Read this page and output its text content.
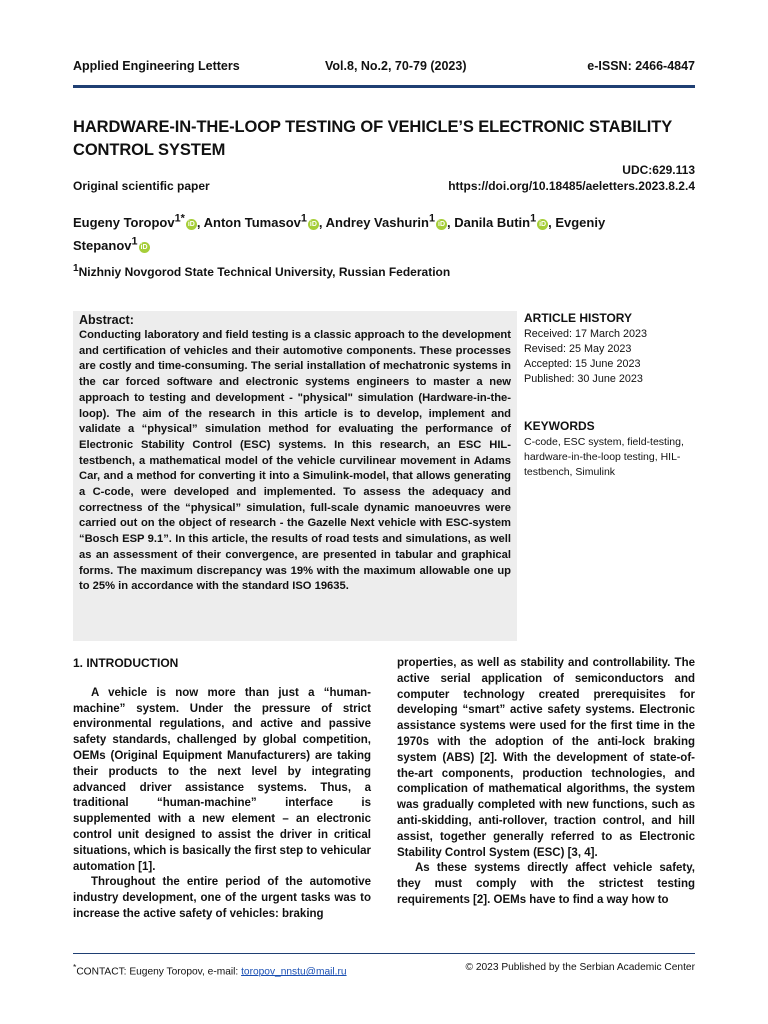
Applied Engineering Letters	Vol.8, No.2, 70-79 (2023)	e-ISSN: 2466-4847
HARDWARE-IN-THE-LOOP TESTING OF VEHICLE’S ELECTRONIC STABILITY CONTROL SYSTEM
UDC:629.113
Original scientific paper	https://doi.org/10.18485/aeletters.2023.8.2.4
Eugeny Toropov$^{1*}$ iD , Anton Tumasov$^1$ iD , Andrey Vashurin$^1$ iD , Danila Butin$^1$ iD , Evgeniy Stepanov$^1$ iD
$^1$Nizhniy Novgorod State Technical University, Russian Federation
Abstract:

Conducting laboratory and field testing is a classic approach to the development and certification of vehicles and their automotive components. These processes are costly and time-consuming. The serial installation of mechatronic systems in the car forced software and electronic systems engineers to master a new approach to testing and development - "physical" simulation (Hardware-in-the-loop). The aim of the research in this article is to develop, implement and validate a “physical” simulation method for evaluating the performance of Electronic Stability Control (ESC) systems. In this research, an ESC HIL-testbench, a mathematical model of the vehicle curvilinear movement in Adams Car, and a method for converting it into a Simulink-model, that allows generating a C-code, were developed and implemented. To assess the adequacy and correctness of the “physical” simulation, full-scale dynamic manoeuvres were carried out on the object of research - the Gazelle Next vehicle with ESC-system “Bosch ESP 9.1”. In this article, the results of road tests and simulations, as well as an assessment of their convergence, are presented in tabular and graphical forms. The maximum discrepancy was 19% with the maximum allowable one up to 25% in accordance with the standard ISO 19635.

ARTICLE HISTORY
Received: 17 March 2023
Revised: 25 May 2023
Accepted: 15 June 2023
Published: 30 June 2023
KEYWORDS

C-code, ESC system, field-testing, hardware-in-the-loop testing, HIL-testbench, Simulink

1. INTRODUCTION

A vehicle is now more than just a “human-machine” system. Under the pressure of strict environmental regulations, and active and passive safety standards, challenged by global competition, OEMs (Original Equipment Manufacturers) are taking their products to the next level by integrating advanced driver assistance systems. Thus, a traditional “human-machine” interface is supplemented with a new element – an electronic control unit designed to assist the driver in critical situations, which is basically the first step to vehicular automation [1].

Throughout the entire period of the automotive industry development, one of the urgent tasks was to increase the active safety of vehicles: braking

properties, as well as stability and controllability. The active serial application of semiconductors and computer technology created prerequisites for developing “smart” active safety systems. Electronic assistance systems were used for the first time in the 1970s with the adoption of the anti-lock braking system (ABS) [2]. With the development of state-of-the-art components, production technologies, and complication of mathematical algorithms, the system was gradually completed with new functions, such as anti-skidding, anti-rollover, traction control, and hill assist, together generally referred to as Electronic Stability Control System (ESC) [3, 4].

As these systems directly affect vehicle safety, they must comply with the strictest testing requirements [2]. OEMs have to find a way how to

*CONTACT: Eugeny Toropov, e-mail: toropov_nnstu@mail.ru	© 2023 Published by the Serbian Academic Center
